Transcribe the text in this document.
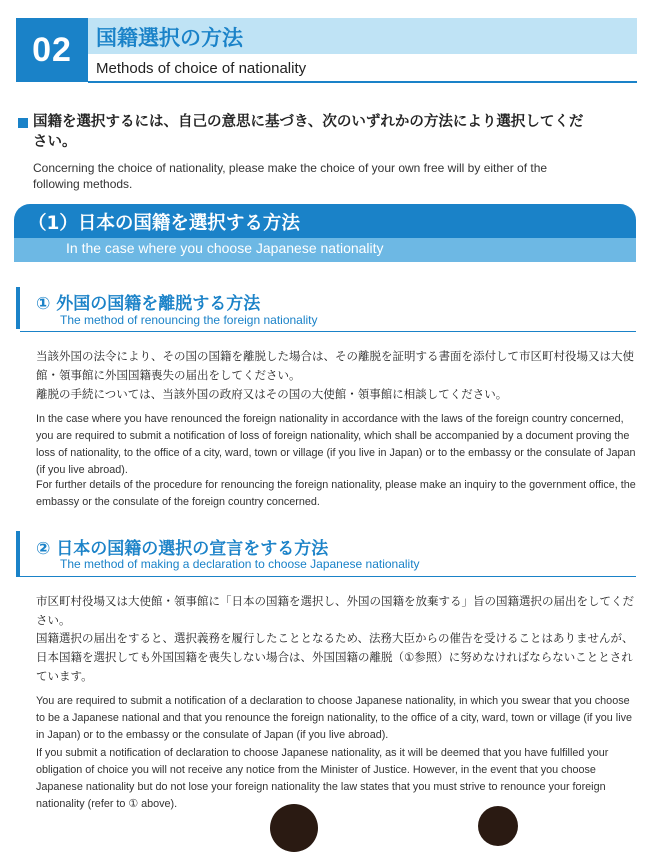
02	国籍選択の方法
Methods of choice of nationality
国籍を選択するには、自己の意思に基づき、次のいずれかの方法により選択してください。
Concerning the choice of nationality, please make the choice of your own free will by either of the following methods.
（1）日本の国籍を選択する方法
In the case where you choose Japanese nationality
① 外国の国籍を離脱する方法
The method of renouncing the foreign nationality
当該外国の法令により、その国の国籍を離脱した場合は、その離脱を証明する書面を添付して市区町村役場又は大使館・領事館に外国国籍喪失の届出をしてください。
離脱の手続については、当該外国の政府又はその国の大使館・領事館に相談してください。
In the case where you have renounced the foreign nationality in accordance with the laws of the foreign country concerned, you are required to submit a notification of loss of foreign nationality, which shall be accompanied by a document proving the loss of nationality, to the office of a city, ward, town or village (if you live in Japan) or to the embassy or the consulate of Japan (if you live abroad).
For further details of the procedure for renouncing the foreign nationality, please make an inquiry to the government office, the embassy or the consulate of the foreign country concerned.
② 日本の国籍の選択の宣言をする方法
The method of making a declaration to choose Japanese nationality
市区町村役場又は大使館・領事館に「日本の国籍を選択し、外国の国籍を放棄する」旨の国籍選択の届出をしてください。
国籍選択の届出をすると、選択義務を履行したこととなるため、法務大臣からの催告を受けることはありませんが、日本国籍を選択しても外国国籍を喪失しない場合は、外国国籍の離脱（①参照）に努めなければならないこととされています。
You are required to submit a notification of a declaration to choose Japanese nationality, in which you swear that you choose to be a Japanese national and that you renounce the foreign nationality, to the office of a city, ward, town or village (if you live in Japan) or to the embassy or the consulate of Japan (if you live abroad).
If you submit a notification of declaration to choose Japanese nationality, as it will be deemed that you have fulfilled your obligation of choice you will not receive any notice from the Minister of Justice. However, in the event that you choose Japanese nationality but do not lose your foreign nationality the law states that you must strive to renounce your foreign nationality (refer to ① above).
